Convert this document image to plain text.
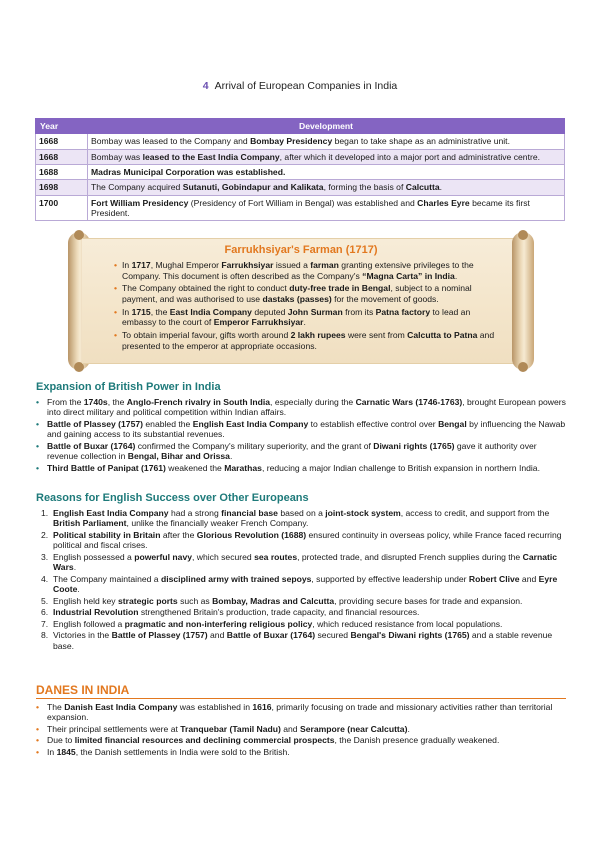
4 Arrival of European Companies in India
Year	Development
1668	Bombay was leased to the Company and Bombay Presidency began to take shape as an administrative unit.
1668	Bombay was leased to the East India Company, after which it developed into a major port and administrative centre.
1688	Madras Municipal Corporation was established.
1698	The Company acquired Sutanuti, Gobindapur and Kalikata, forming the basis of Calcutta.
1700	Fort William Presidency (Presidency of Fort William in Bengal) was established and Charles Eyre became its first President.
Farrukhsiyar's Farman (1717)
• In 1717, Mughal Emperor Farrukhsiyar issued a farman granting extensive privileges to the Company. This document is often described as the Company's “Magna Carta” in India.
• The Company obtained the right to conduct duty-free trade in Bengal, subject to a nominal payment, and was authorised to use dastaks (passes) for the movement of goods.
• In 1715, the East India Company deputed John Surman from its Patna factory to lead an embassy to the court of Emperor Farrukhsiyar.
• To obtain imperial favour, gifts worth around 2 lakh rupees were sent from Calcutta to Patna and presented to the emperor at appropriate occasions.
Expansion of British Power in India
• From the 1740s, the Anglo-French rivalry in South India, especially during the Carnatic Wars (1746-1763), brought European powers into direct military and political competition within Indian affairs.
• Battle of Plassey (1757) enabled the English East India Company to establish effective control over Bengal by influencing the Nawab and gaining access to its substantial revenues.
• Battle of Buxar (1764) confirmed the Company's military superiority, and the grant of Diwani rights (1765) gave it authority over revenue collection in Bengal, Bihar and Orissa.
• Third Battle of Panipat (1761) weakened the Marathas, reducing a major Indian challenge to British expansion in northern India.
Reasons for English Success over Other Europeans
1. English East India Company had a strong financial base based on a joint-stock system, access to credit, and support from the British Parliament, unlike the financially weaker French Company.
2. Political stability in Britain after the Glorious Revolution (1688) ensured continuity in overseas policy, while France faced recurring political and fiscal crises.
3. English possessed a powerful navy, which secured sea routes, protected trade, and disrupted French supplies during the Carnatic Wars.
4. The Company maintained a disciplined army with trained sepoys, supported by effective leadership under Robert Clive and Eyre Coote.
5. English held key strategic ports such as Bombay, Madras and Calcutta, providing secure bases for trade and expansion.
6. Industrial Revolution strengthened Britain's production, trade capacity, and financial resources.
7. English followed a pragmatic and non-interfering religious policy, which reduced resistance from local populations.
8. Victories in the Battle of Plassey (1757) and Battle of Buxar (1764) secured Bengal's Diwani rights (1765) and a stable revenue base.
DANES IN INDIA
• The Danish East India Company was established in 1616, primarily focusing on trade and missionary activities rather than territorial expansion.
• Their principal settlements were at Tranquebar (Tamil Nadu) and Serampore (near Calcutta).
• Due to limited financial resources and declining commercial prospects, the Danish presence gradually weakened.
• In 1845, the Danish settlements in India were sold to the British.
